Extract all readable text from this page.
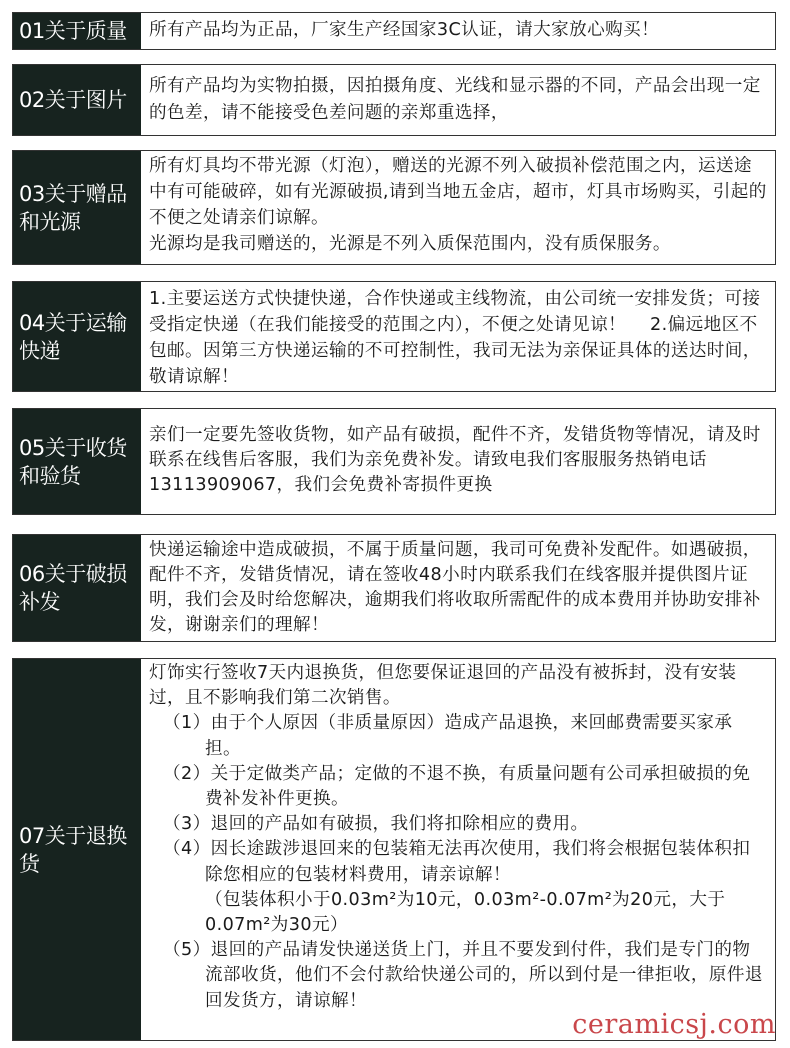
01关于质量 所有产品均为正品，厂家生产经国家3C认证，请大家放心购买！

02关于图片

所有产品均为实物拍摄，因拍摄角度、光线和显示器的不同，产品会出现一定的色差，请不能接受色差问题的亲郑重选择，

03关于赠品
和光源

所有灯具均不带光源（灯泡），赠送的光源不列入破损补偿范围之内，运送途中有可能破碎，如有光源破损,请到当地五金店，超市，灯具市场购买，引起的不便之处请亲们谅解。

光源均是我司赠送的，光源是不列入质保范围内，没有质保服务。

04关于运输
快递

1.主要运送方式快捷快递，合作快递或主线物流，由公司统一安排发货；可接受指定快递（在我们能接受的范围之内），不便之处请见谅！　 2.偏远地区不包邮。因第三方快递运输的不可控制性，我司无法为亲保证具体的送达时间，敬请谅解！

05关于收货
和验货

亲们一定要先签收货物，如产品有破损，配件不齐，发错货物等情况，请及时联系在线售后客服，我们为亲免费补发。请致电我们客服服务热销电话13113909067，我们会免费补寄损件更换

06关于破损
补发

快递运输途中造成破损，不属于质量问题，我司可免费补发配件。如遇破损，配件不齐，发错货情况，请在签收48小时内联系我们在线客服并提供图片证明，我们会及时给您解决，逾期我们将收取所需配件的成本费用并协助安排补发，谢谢亲们的理解！

07关于退换
货

灯饰实行签收7天内退换货，但您要保证退回的产品没有被拆封，没有安装过，且不影响我们第二次销售。

（1）由于个人原因（非质量原因）造成产品退换，来回邮费需要买家承担。

（2）关于定做类产品；定做的不退不换，有质量问题有公司承担破损的免费补发补件更换。

（3）退回的产品如有破损，我们将扣除相应的费用。

（4）因长途跋涉退回来的包装箱无法再次使用，我们将会根据包装体积扣除您相应的包装材料费用，请亲谅解！

（包装体积小于0.03m²为10元，0.03m²-0.07m²为20元，大于0.07m²为30元）

（5）退回的产品请发快递送货上门，并且不要发到付件，我们是专门的物流部收货，他们不会付款给快递公司的，所以到付是一律拒收，原件退回发货方，请谅解！

ceramicsj.com
